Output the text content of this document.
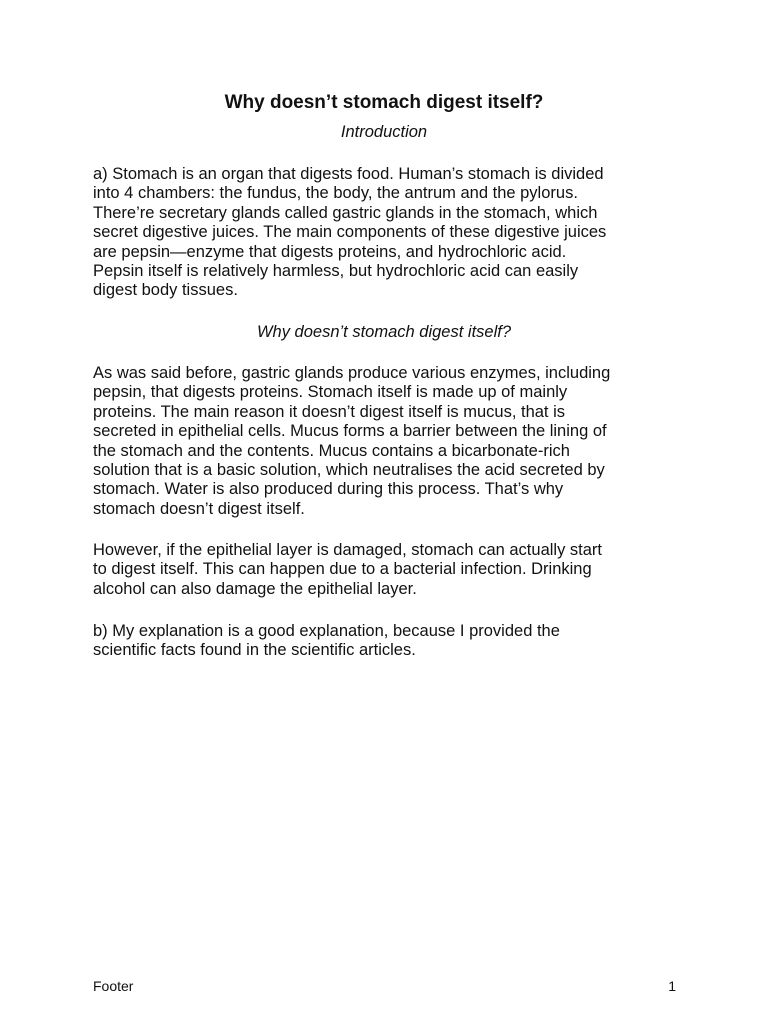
Why doesn’t stomach digest itself?
Introduction

a) Stomach is an organ that digests food. Human’s stomach is divided
into 4 chambers: the fundus, the body, the antrum and the pylorus.
There’re secretary glands called gastric glands in the stomach, which
secret digestive juices. The main components of these digestive juices
are pepsin—enzyme that digests proteins, and hydrochloric acid.
Pepsin itself is relatively harmless, but hydrochloric acid can easily
digest body tissues.

Why doesn’t stomach digest itself?

As was said before, gastric glands produce various enzymes, including
pepsin, that digests proteins. Stomach itself is made up of mainly
proteins. The main reason it doesn’t digest itself is mucus, that is
secreted in epithelial cells. Mucus forms a barrier between the lining of
the stomach and the contents. Mucus contains a bicarbonate-rich
solution that is a basic solution, which neutralises the acid secreted by
stomach. Water is also produced during this process. That’s why
stomach doesn’t digest itself.

However, if the epithelial layer is damaged, stomach can actually start
to digest itself. This can happen due to a bacterial infection. Drinking
alcohol can also damage the epithelial layer.

b) My explanation is a good explanation, because I provided the
scientific facts found in the scientific articles.

Footer	1
